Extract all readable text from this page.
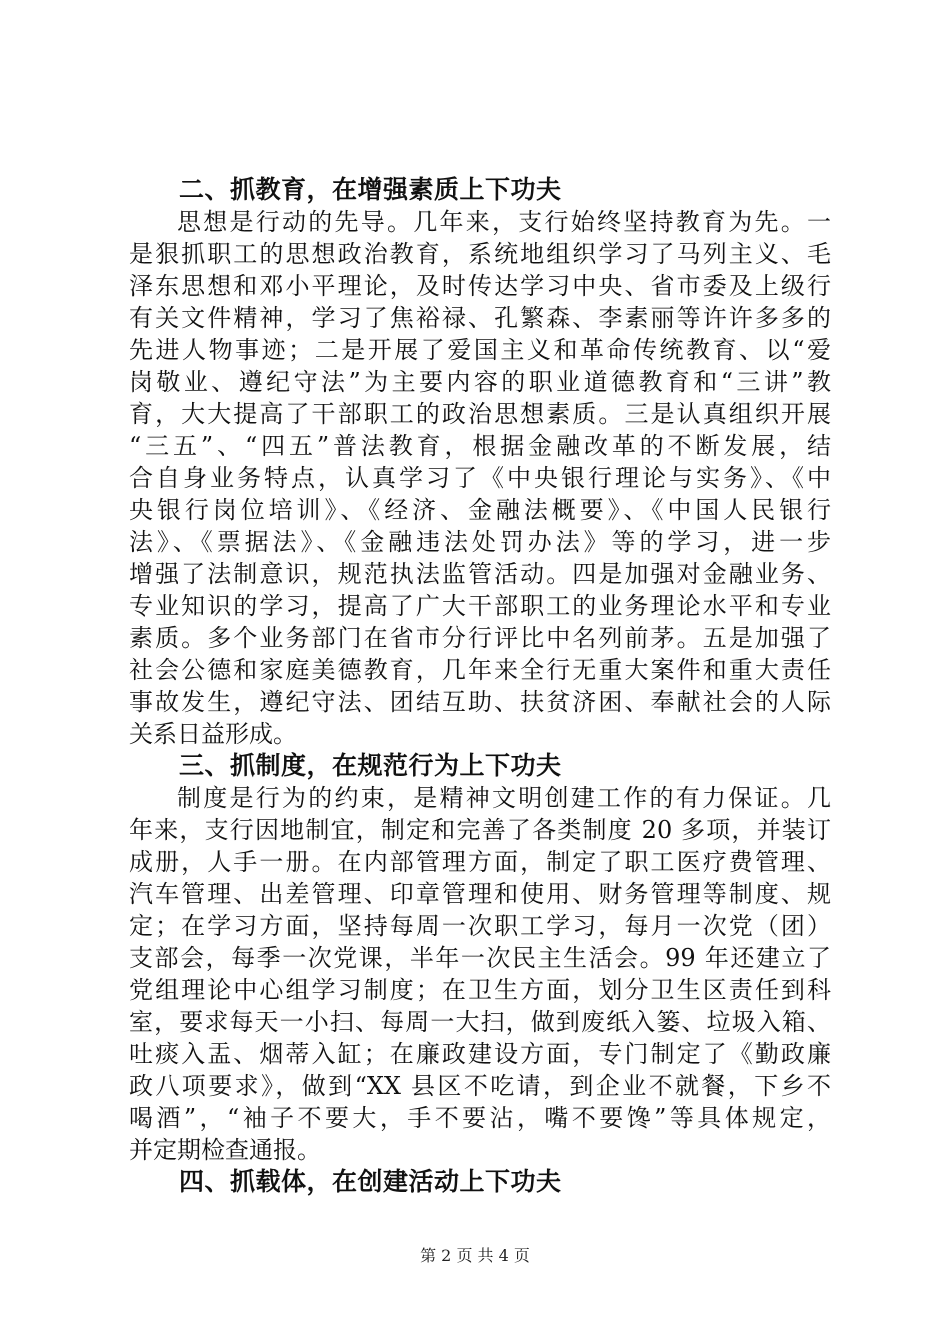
二、抓教育，在增强素质上下功夫
思想是行动的先导。几年来，支行始终坚持教育为先。一
是狠抓职工的思想政治教育，系统地组织学习了马列主义、毛
泽东思想和邓小平理论，及时传达学习中央、省市委及上级行
有关文件精神，学习了焦裕禄、孔繁森、李素丽等许许多多的
先进人物事迹；二是开展了爱国主义和革命传统教育、以“爱
岗敬业、遵纪守法”为主要内容的职业道德教育和“三讲”教
育，大大提高了干部职工的政治思想素质。三是认真组织开展
“三五”、“四五”普法教育，根据金融改革的不断发展，结
合自身业务特点，认真学习了《中央银行理论与实务》、《中
央银行岗位培训》、《经济、金融法概要》、《中国人民银行
法》、《票据法》、《金融违法处罚办法》等的学习，进一步
增强了法制意识，规范执法监管活动。四是加强对金融业务、
专业知识的学习，提高了广大干部职工的业务理论水平和专业
素质。多个业务部门在省市分行评比中名列前茅。五是加强了
社会公德和家庭美德教育，几年来全行无重大案件和重大责任
事故发生，遵纪守法、团结互助、扶贫济困、奉献社会的人际
关系日益形成。
三、抓制度，在规范行为上下功夫
制度是行为的约束，是精神文明创建工作的有力保证。几
年来，支行因地制宜，制定和完善了各类制度 20 多项，并装订
成册，人手一册。在内部管理方面，制定了职工医疗费管理、
汽车管理、出差管理、印章管理和使用、财务管理等制度、规
定；在学习方面，坚持每周一次职工学习，每月一次党（团）
支部会，每季一次党课，半年一次民主生活会。99 年还建立了
党组理论中心组学习制度；在卫生方面，划分卫生区责任到科
室，要求每天一小扫、每周一大扫，做到废纸入篓、垃圾入箱、
吐痰入盂、烟蒂入缸；在廉政建设方面，专门制定了《勤政廉
政八项要求》，做到“XX 县区不吃请，到企业不就餐，下乡不
喝酒”，“袖子不要大，手不要沾，嘴不要馋”等具体规定，
并定期检查通报。
四、抓载体，在创建活动上下功夫
第 2 页 共 4 页
